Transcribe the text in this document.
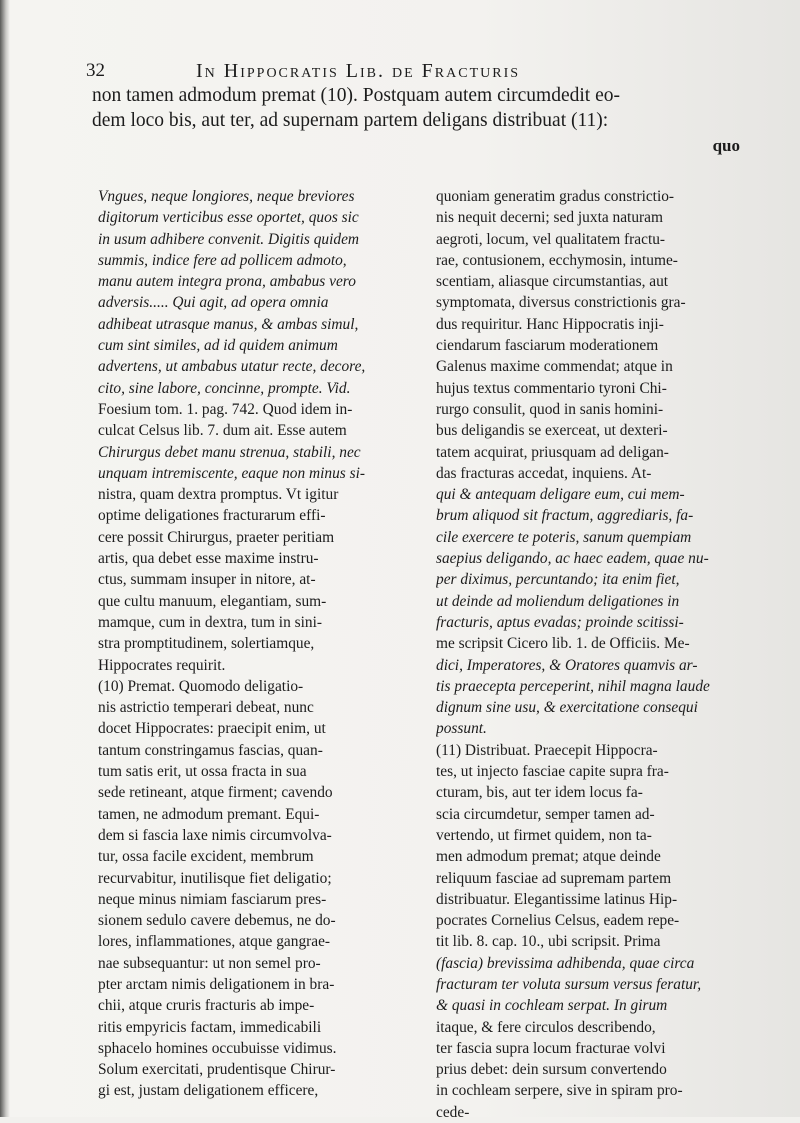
32	In Hippocratis Lib. de Fracturis
non tamen admodum premat (10). Postquam autem circumdedit eo-
dem loco bis, aut ter, ad supernam partem deligans distribuat (11):
quo
Vngues, neque longiores, neque breviores
digitorum verticibus esse oportet, quos sic
in usum adhibere convenit. Digitis quidem
summis, indice fere ad pollicem admoto,
manu autem integra prona, ambabus vero
adversis..... Qui agit, ad opera omnia
adhibeat utrasque manus, & ambas simul,
cum sint similes, ad id quidem animum
advertens, ut ambabus utatur recte, decore,
cito, sine labore, concinne, prompte. Vid.
Foesium tom. 1. pag. 742. Quod idem in-
culcat Celsus lib. 7. dum ait. Esse autem
Chirurgus debet manu strenua, stabili, nec
unquam intremiscente, eaque non minus si-
nistra, quam dextra promptus. Vt igitur
optime deligationes fracturarum effi-
cere possit Chirurgus, praeter peritiam
artis, qua debet esse maxime instru-
ctus, summam insuper in nitore, at-
que cultu manuum, elegantiam, sum-
mamque, cum in dextra, tum in sini-
stra promptitudinem, solertiamque,
Hippocrates requirit.
(10) Premat. Quomodo deligatio-
nis astrictio temperari debeat, nunc
docet Hippocrates: praecipit enim, ut
tantum constringamus fascias, quan-
tum satis erit, ut ossa fracta in sua
sede retineant, atque firment; cavendo
tamen, ne admodum premant. Equi-
dem si fascia laxe nimis circumvolva-
tur, ossa facile excident, membrum
recurvabitur, inutilisque fiet deligatio;
neque minus nimiam fasciarum pres-
sionem sedulo cavere debemus, ne do-
lores, inflammationes, atque gangrae-
nae subsequantur: ut non semel pro-
pter arctam nimis deligationem in bra-
chii, atque cruris fracturis ab impe-
ritis empyricis factam, immedicabili
sphacelo homines occubuisse vidimus.
Solum exercitati, prudentisque Chirur-
gi est, justam deligationem efficere,
quoniam generatim gradus constrictio-
nis nequit decerni; sed juxta naturam
aegroti, locum, vel qualitatem fractu-
rae, contusionem, ecchymosin, intume-
scentiam, aliasque circumstantias, aut
symptomata, diversus constrictionis gra-
dus requiritur. Hanc Hippocratis inji-
ciendarum fasciarum moderationem
Galenus maxime commendat; atque in
hujus textus commentario tyroni Chi-
rurgo consulit, quod in sanis homini-
bus deligandis se exerceat, ut dexteri-
tatem acquirat, priusquam ad deligan-
das fracturas accedat, inquiens. At-
qui & antequam deligare eum, cui mem-
brum aliquod sit fractum, aggrediaris, fa-
cile exercere te poteris, sanum quempiam
saepius deligando, ac haec eadem, quae nu-
per diximus, percuntando; ita enim fiet,
ut deinde ad moliendum deligationes in
fracturis, aptus evadas; proinde scitissi-
me scripsit Cicero lib. 1. de Officiis. Me-
dici, Imperatores, & Oratores quamvis ar-
tis praecepta perceperint, nihil magna laude
dignum sine usu, & exercitatione consequi
possunt.
(11) Distribuat. Praecepit Hippocra-
tes, ut injecto fasciae capite supra fra-
cturam, bis, aut ter idem locus fa-
scia circumdetur, semper tamen ad-
vertendo, ut firmet quidem, non ta-
men admodum premat; atque deinde
reliquum fasciae ad supremam partem
distribuatur. Elegantissime latinus Hip-
pocrates Cornelius Celsus, eadem repe-
tit lib. 8. cap. 10., ubi scripsit. Prima
(fascia) brevissima adhibenda, quae circa
fracturam ter voluta sursum versus feratur,
& quasi in cochleam serpat. In girum
itaque, & fere circulos describendo,
ter fascia supra locum fracturae volvi
prius debet: dein sursum convertendo
in cochleam serpere, sive in spiram pro-
cede-
